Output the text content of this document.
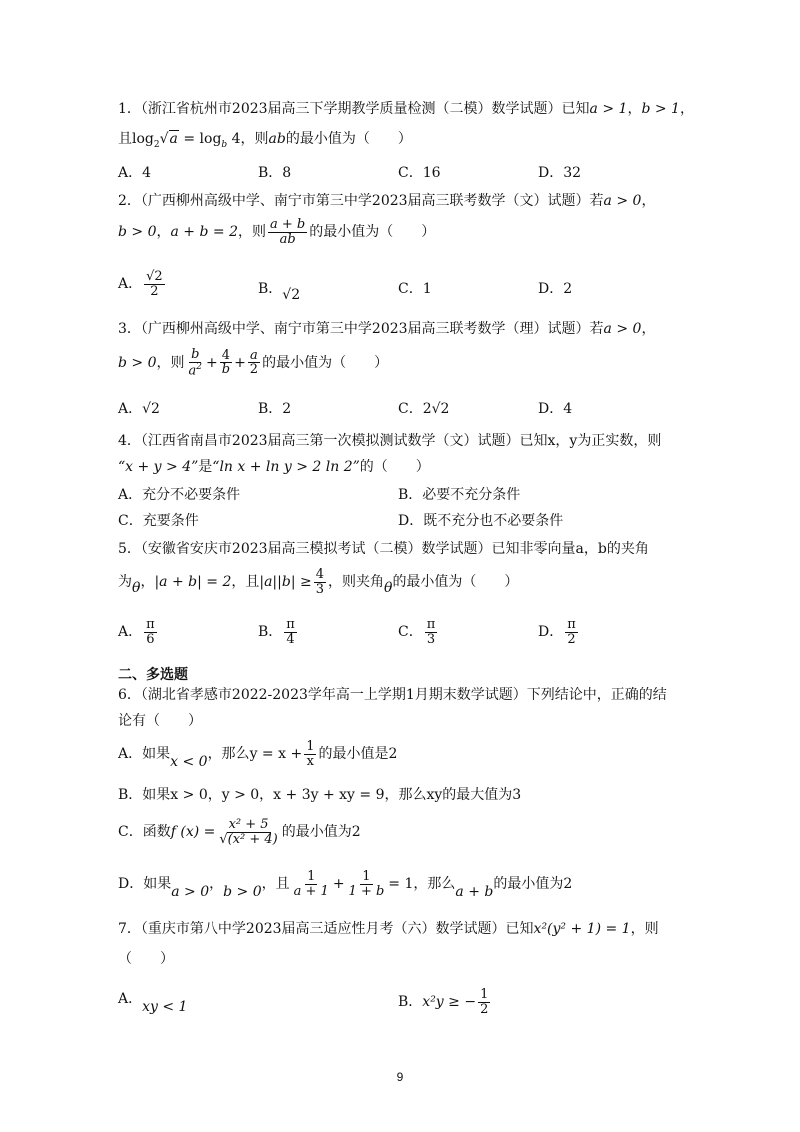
1．（浙江省杭州市2023届高三下学期教学质量检测（二模）数学试题）已知a > 1，b > 1，
且$\log_2√a = \log_b 4$，则ab的最小值为（　　）
A．4	B．8	C．16	D．32
2．（广西柳州高级中学、南宁市第三中学2023届高三联考数学（文）试题）若a > 0，
b > 0，a + b = 2，则 $\frac{a + b}{ab}$ 的最小值为（　　）
A． $\frac{√2}{2}$	B．√2	C．1	D．2
3．（广西柳州高级中学、南宁市第三中学2023届高三联考数学（理）试题）若a > 0，
b > 0，则 $\frac{b}{a^2} + \frac{4}{b} + \frac{a}{2}$ 的最小值为（　　）
A．√2	B．2	C．2√2	D．4
4．（江西省南昌市2023届高三第一次模拟测试数学（文）试题）已知x，y为正实数，则
“x + y > 4”是“ln x + ln y > 2 ln 2”的（　　）
A．充分不必要条件	B．必要不充分条件
C．充要条件	D．既不充分也不必要条件
5．（安徽省安庆市2023届高三模拟考试（二模）数学试题）已知非零向量a，b的夹角
为θ，|a + b| = 2，且$|a||b| \ge \frac{4}{3}$ ，则夹角θ的最小值为（　　）
A． $\frac{\pi}{6}$	B． $\frac{\pi}{4}$	C． $\frac{\pi}{3}$	D． $\frac{\pi}{2}$
二、多选题
6．（湖北省孝感市2022-2023学年高一上学期1月期末数学试题）下列结论中，正确的结
论有（　　）
A．如果x < 0，那么$y = x + \frac{1}{x}$ 的最小值是2
B．如果x > 0，y > 0，x + 3y + xy = 9，那么xy的最大值为3
C．函数f $(x) = \frac{\text{x² + 5}}{\text{√(x² + 4)}}$ 的最小值为2
D．如果a > 0，b > 0，且 $\frac{1}{a + 1} + \frac{1}{1 + b} = 1$，那么a + b的最小值为2
7．（重庆市第八中学2023届高三适应性月考（六）数学试题）已知x²(y² + 1) = 1，则
（　　）
A．xy < 1	B．x²y ≥ − $\frac{1}{2}$
9
